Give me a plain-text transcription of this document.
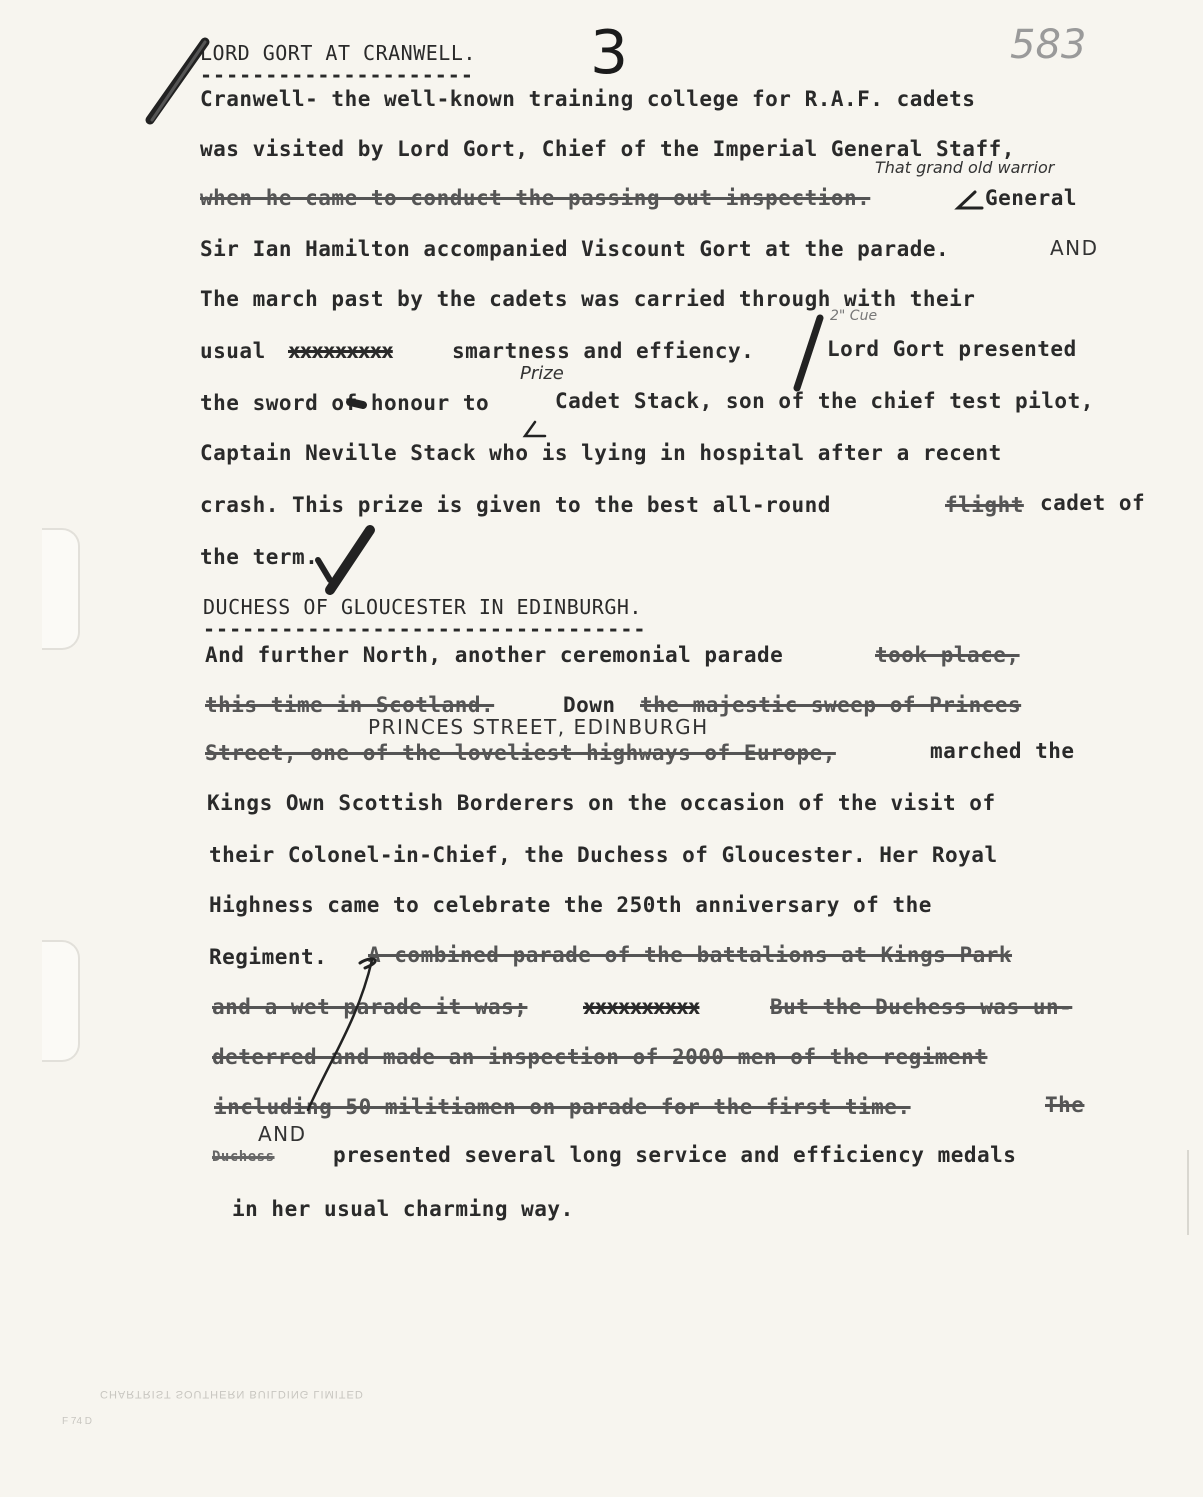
3	583
LORD GORT AT CRANWELL.
---------------------
Cranwell- the well-known training college for R.A.F. cadets
was visited by Lord Gort, Chief of the Imperial General Staff,
That grand old warrior
when he came to conduct the passing out inspection.	General
Sir Ian Hamilton accompanied Viscount Gort at the parade.	AND
The march past by the cadets was carried through with their
2" Cue
usual xxxxxxxxx	smartness and effiency.	Lord Gort presented
Prize
the sword of honour to	Cadet Stack, son of the chief test pilot,
Captain Neville Stack who is lying in hospital after a recent
crash. This prize is given to the best all-round	flight cadet of
the term.
DUCHESS OF GLOUCESTER IN EDINBURGH.
----------------------------------
And further North, another ceremonial parade	took place,
this time in Scotland.	Down the majestic sweep of Princes
PRINCES STREET, EDINBURGH
Street, one of the loveliest highways of Europe,	marched the
Kings Own Scottish Borderers on the occasion of the visit of
their Colonel-in-Chief, the Duchess of Gloucester. Her Royal
Highness came to celebrate the 250th anniversary of the
Regiment. A combined parade of the battalions at Kings Park
and a wet parade it was;	xxxxxxxxxx	But the Duchess was un-
deterred and made an inspection of 2000 men of the regiment
including 50 militiamen on parade for the first time.	The
AND
Duchess	presented several long service and efficiency medals
in her usual charming way.
CHARTRIST SOUTHERN BUILDING LIMITED
F 74 D
